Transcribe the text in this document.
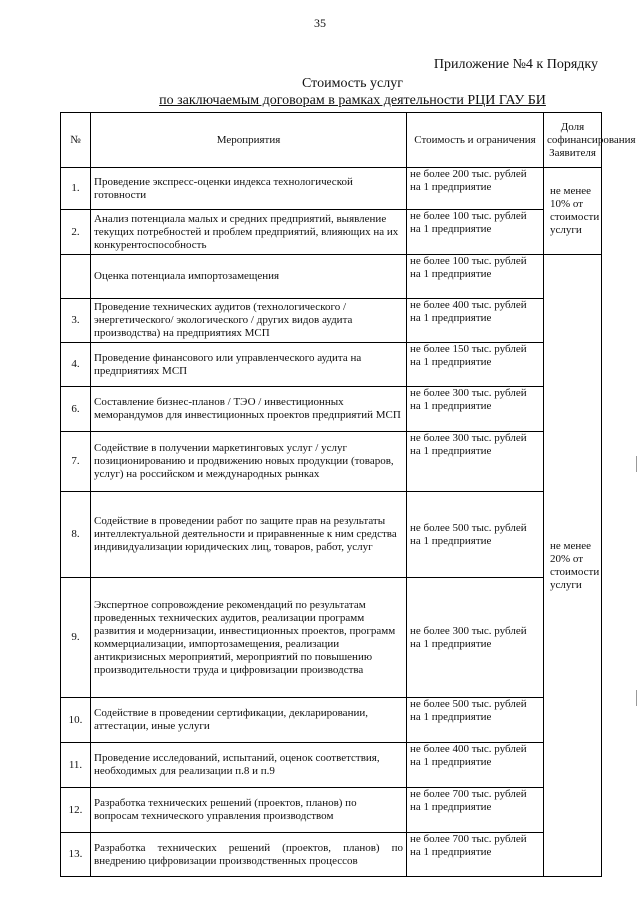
35
Приложение №4 к Порядку
Стоимость услуг
по заключаемым договорам в рамках деятельности РЦИ ГАУ БИ
№	Мероприятия	Стоимость и ограничения	Доля софинансирования Заявителя
1.	Проведение экспресс-оценки индекса технологической готовности	не более 200 тыс. рублей на 1 предприятие	не менее 10% от стоимости услуги
2.	Анализ потенциала малых и средних предприятий, выявление текущих потребностей и проблем предприятий, влияющих на их конкурентоспособность	не более 100 тыс. рублей на 1 предприятие	
	Оценка потенциала импортозамещения	не более 100 тыс. рублей на 1 предприятие	не менее 20% от стоимости услуги
3.	Проведение технических аудитов (технологического / энергетического/ экологического / других видов аудита производства) на предприятиях МСП	не более 400 тыс. рублей на 1 предприятие	
4.	Проведение финансового или управленческого аудита на предприятиях МСП	не более 150 тыс. рублей на 1 предприятие	
6.	Составление бизнес-планов / ТЭО / инвестиционных меморандумов для инвестиционных проектов предприятий МСП	не более 300 тыс. рублей на 1 предприятие	
7.	Содействие в получении маркетинговых услуг / услуг позиционированию и продвижению новых продукции (товаров, услуг) на российском и международных рынках	не более 300 тыс. рублей на 1 предприятие	
8.	Содействие в проведении работ по защите прав на результаты интеллектуальной деятельности и приравненные к ним средства индивидуализации юридических лиц, товаров, работ, услуг	не более 500 тыс. рублей на 1 предприятие	
9.	Экспертное сопровождение рекомендаций по результатам проведенных технических аудитов, реализации программ развития и модернизации, инвестиционных проектов, программ коммерциализации, импортозамещения, реализации антикризисных мероприятий, мероприятий по повышению производительности труда и цифровизации производства	не более 300 тыс. рублей на 1 предприятие	
10.	Содействие в проведении сертификации, декларировании, аттестации, иные услуги	не более 500 тыс. рублей на 1 предприятие	
11.	Проведение исследований, испытаний, оценок соответствия, необходимых для реализации п.8 и п.9	не более 400 тыс. рублей на 1 предприятие	
12.	Разработка технических решений (проектов, планов) по вопросам технического управления производством	не более 700 тыс. рублей на 1 предприятие	
13.	Разработка технических решений (проектов, планов) по внедрению цифровизации производственных процессов	не более 700 тыс. рублей на 1 предприятие	
